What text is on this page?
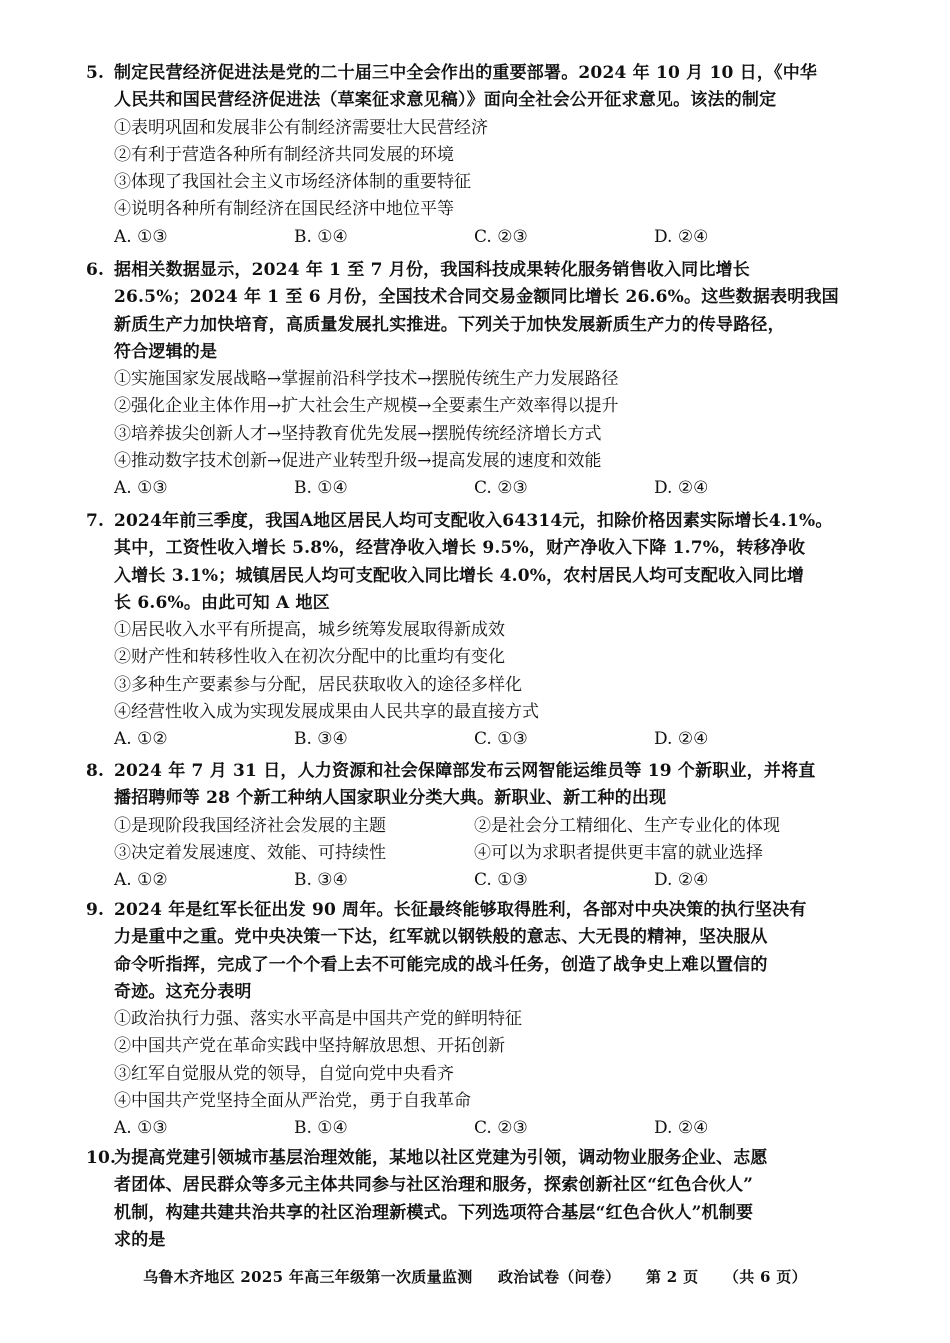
5. 制定民营经济促进法是党的二十届三中全会作出的重要部署。2024 年 10 月 10 日，《中华
人民共和国民营经济促进法（草案征求意见稿）》面向全社会公开征求意见。该法的制定
①表明巩固和发展非公有制经济需要壮大民营经济
②有利于营造各种所有制经济共同发展的环境
③体现了我国社会主义市场经济体制的重要特征
④说明各种所有制经济在国民经济中地位平等
A. ①③	B. ①④	C. ②③	D. ②④
6. 据相关数据显示，2024 年 1 至 7 月份，我国科技成果转化服务销售收入同比增长
26.5%；2024 年 1 至 6 月份，全国技术合同交易金额同比增长 26.6%。这些数据表明我国
新质生产力加快培育，高质量发展扎实推进。下列关于加快发展新质生产力的传导路径，
符合逻辑的是
①实施国家发展战略→掌握前沿科学技术→摆脱传统生产力发展路径
②强化企业主体作用→扩大社会生产规模→全要素生产效率得以提升
③培养拔尖创新人才→坚持教育优先发展→摆脱传统经济增长方式
④推动数字技术创新→促进产业转型升级→提高发展的速度和效能
A. ①③	B. ①④	C. ②③	D. ②④
7. 2024年前三季度，我国A地区居民人均可支配收入64314元，扣除价格因素实际增长4.1%。
其中，工资性收入增长 5.8%，经营净收入增长 9.5%，财产净收入下降 1.7%，转移净收
入增长 3.1%；城镇居民人均可支配收入同比增长 4.0%，农村居民人均可支配收入同比增
长 6.6%。由此可知 A 地区
①居民收入水平有所提高，城乡统筹发展取得新成效
②财产性和转移性收入在初次分配中的比重均有变化
③多种生产要素参与分配，居民获取收入的途径多样化
④经营性收入成为实现发展成果由人民共享的最直接方式
A. ①②	B. ③④	C. ①③	D. ②④
8. 2024 年 7 月 31 日，人力资源和社会保障部发布云网智能运维员等 19 个新职业，并将直
播招聘师等 28 个新工种纳人国家职业分类大典。新职业、新工种的出现
①是现阶段我国经济社会发展的主题	②是社会分工精细化、生产专业化的体现
③决定着发展速度、效能、可持续性	④可以为求职者提供更丰富的就业选择
A. ①②	B. ③④	C. ①③	D. ②④
9. 2024 年是红军长征出发 90 周年。长征最终能够取得胜利，各部对中央决策的执行坚决有
力是重中之重。党中央决策一下达，红军就以钢铁般的意志、大无畏的精神，坚决服从
命令听指挥，完成了一个个看上去不可能完成的战斗任务，创造了战争史上难以置信的
奇迹。这充分表明
①政治执行力强、落实水平高是中国共产党的鲜明特征
②中国共产党在革命实践中坚持解放思想、开拓创新
③红军自觉服从党的领导，自觉向党中央看齐
④中国共产党坚持全面从严治党，勇于自我革命
A. ①③	B. ①④	C. ②③	D. ②④
10.
为提高党建引领城市基层治理效能，某地以社区党建为引领，调动物业服务企业、志愿
者团体、居民群众等多元主体共同参与社区治理和服务，探索创新社区“红色合伙人”
机制，构建共建共治共享的社区治理新模式。下列选项符合基层“红色合伙人”机制要
求的是
乌鲁木齐地区 2025 年高三年级第一次质量监测 政治试卷（问卷） 第 2 页 （共 6 页）
